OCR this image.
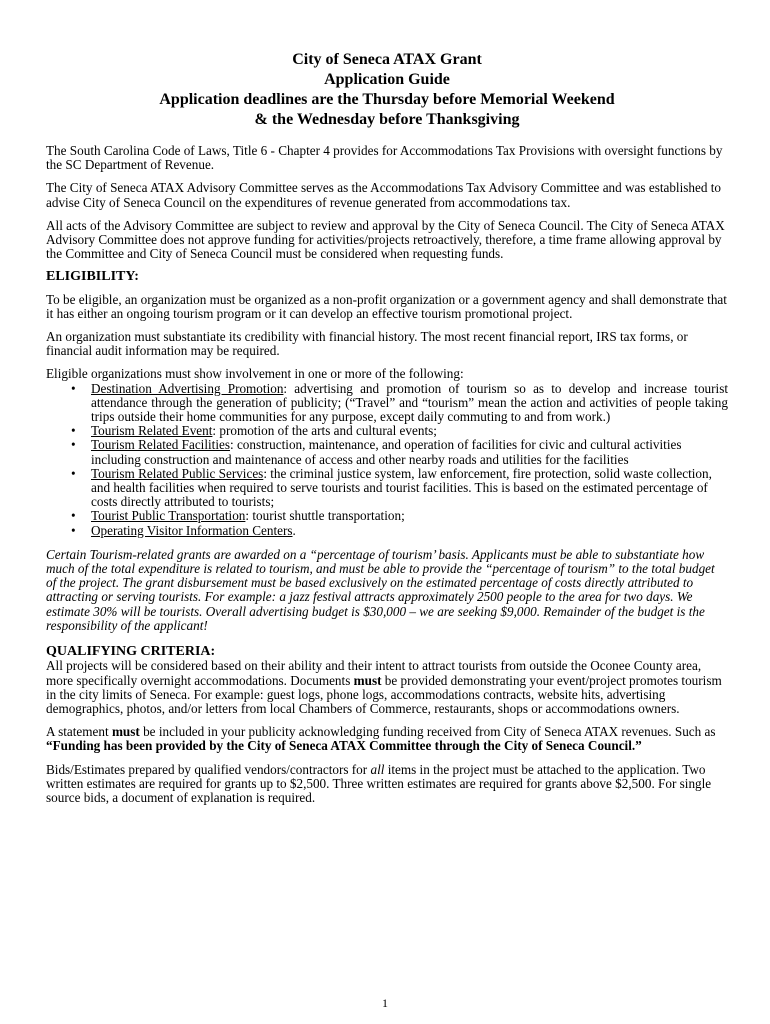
City of Seneca ATAX Grant
Application Guide
Application deadlines are the Thursday before Memorial Weekend
& the Wednesday before Thanksgiving

The South Carolina Code of Laws, Title 6 - Chapter 4 provides for Accommodations Tax Provisions with oversight functions by the SC Department of Revenue.

The City of Seneca ATAX Advisory Committee serves as the Accommodations Tax Advisory Committee and was established to advise City of Seneca Council on the expenditures of revenue generated from accommodations tax.

All acts of the Advisory Committee are subject to review and approval by the City of Seneca Council. The City of Seneca ATAX Advisory Committee does not approve funding for activities/projects retroactively, therefore, a time frame allowing approval by the Committee and City of Seneca Council must be considered when requesting funds.

ELIGIBILITY:

To be eligible, an organization must be organized as a non-profit organization or a government agency and shall demonstrate that it has either an ongoing tourism program or it can develop an effective tourism promotional project.

An organization must substantiate its credibility with financial history. The most recent financial report, IRS tax forms, or financial audit information may be required.

Eligible organizations must show involvement in one or more of the following:

• Destination Advertising Promotion: advertising and promotion of tourism so as to develop and increase tourist attendance through the generation of publicity; (“Travel” and “tourism” mean the action and activities of people taking trips outside their home communities for any purpose, except daily commuting to and from work.)
• Tourism Related Event: promotion of the arts and cultural events;
• Tourism Related Facilities: construction, maintenance, and operation of facilities for civic and cultural activities including construction and maintenance of access and other nearby roads and utilities for the facilities
• Tourism Related Public Services: the criminal justice system, law enforcement, fire protection, solid waste collection, and health facilities when required to serve tourists and tourist facilities. This is based on the estimated percentage of costs directly attributed to tourists;
• Tourist Public Transportation: tourist shuttle transportation;
• Operating Visitor Information Centers.

Certain Tourism-related grants are awarded on a “percentage of tourism’ basis. Applicants must be able to substantiate how much of the total expenditure is related to tourism, and must be able to provide the “percentage of tourism” to the total budget of the project. The grant disbursement must be based exclusively on the estimated percentage of costs directly attributed to attracting or serving tourists. For example: a jazz festival attracts approximately 2500 people to the area for two days. We estimate 30% will be tourists. Overall advertising budget is $30,000 – we are seeking $9,000. Remainder of the budget is the responsibility of the applicant!

QUALIFYING CRITERIA:

All projects will be considered based on their ability and their intent to attract tourists from outside the Oconee County area, more specifically overnight accommodations. Documents must be provided demonstrating your event/project promotes tourism in the city limits of Seneca. For example: guest logs, phone logs, accommodations contracts, website hits, advertising demographics, photos, and/or letters from local Chambers of Commerce, restaurants, shops or accommodations owners.

A statement must be included in your publicity acknowledging funding received from City of Seneca ATAX revenues. Such as “Funding has been provided by the City of Seneca ATAX Committee through the City of Seneca Council.”

Bids/Estimates prepared by qualified vendors/contractors for all items in the project must be attached to the application. Two written estimates are required for grants up to $2,500. Three written estimates are required for grants above $2,500. For single source bids, a document of explanation is required.

1
